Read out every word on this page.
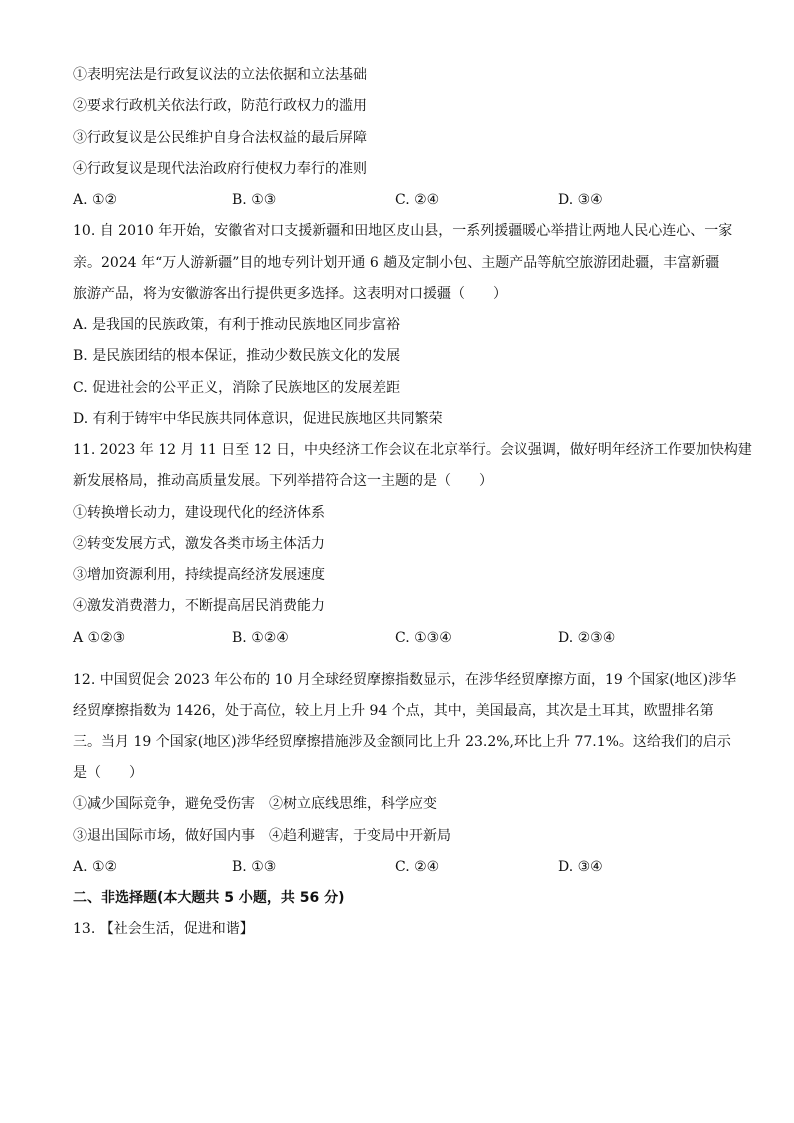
①表明宪法是行政复议法的立法依据和立法基础
②要求行政机关依法行政，防范行政权力的滥用
③行政复议是公民维护自身合法权益的最后屏障
④行政复议是现代法治政府行使权力奉行的准则
A. ①②	B. ①③	C. ②④	D. ③④
10. 自 2010 年开始，安徽省对口支援新疆和田地区皮山县，一系列援疆暖心举措让两地人民心连心、一家
亲。2024 年“万人游新疆”目的地专列计划开通 6 趟及定制小包、主题产品等航空旅游团赴疆，丰富新疆
旅游产品，将为安徽游客出行提供更多选择。这表明对口援疆（　　）
A. 是我国的民族政策，有利于推动民族地区同步富裕
B. 是民族团结的根本保证，推动少数民族文化的发展
C. 促进社会的公平正义，消除了民族地区的发展差距
D. 有利于铸牢中华民族共同体意识，促进民族地区共同繁荣
11. 2023 年 12 月 11 日至 12 日，中央经济工作会议在北京举行。会议强调，做好明年经济工作要加快构建
新发展格局，推动高质量发展。下列举措符合这一主题的是（　　）
①转换增长动力，建设现代化的经济体系
②转变发展方式，激发各类市场主体活力
③增加资源利用，持续提高经济发展速度
④激发消费潜力，不断提高居民消费能力
A ①②③	B. ①②④	C. ①③④	D. ②③④
12. 中国贸促会 2023 年公布的 10 月全球经贸摩擦指数显示，在涉华经贸摩擦方面，19 个国家(地区)涉华
经贸摩擦指数为 1426，处于高位，较上月上升 94 个点，其中，美国最高，其次是土耳其，欧盟排名第
三。当月 19 个国家(地区)涉华经贸摩擦措施涉及金额同比上升 23.2%,环比上升 77.1%。这给我们的启示
是（　　）
①减少国际竞争，避免受伤害　②树立底线思维，科学应变
③退出国际市场，做好国内事　④趋利避害，于变局中开新局
A. ①②	B. ①③	C. ②④	D. ③④
二、非选择题(本大题共 5 小题，共 56 分)
13. 【社会生活，促进和谐】
